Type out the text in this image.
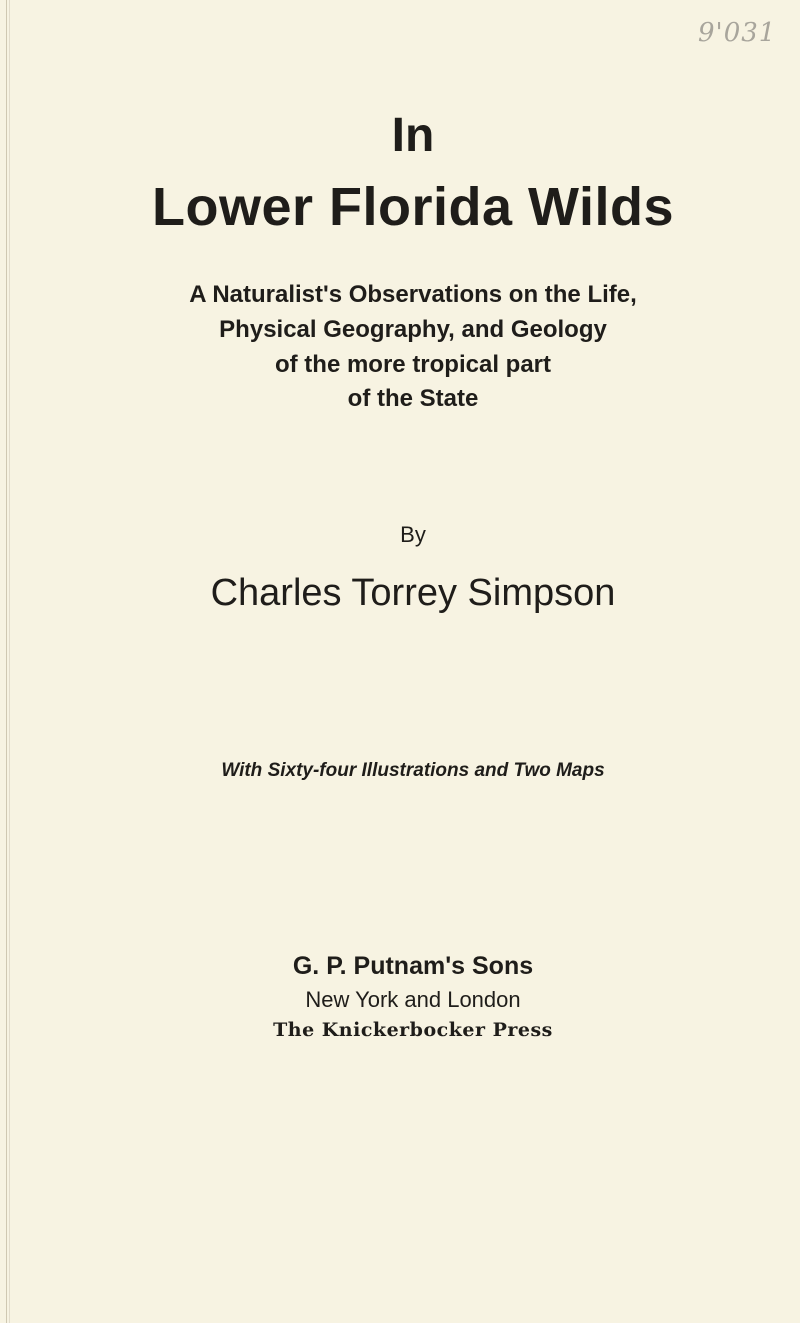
9'031
In
Lower Florida Wilds

A Naturalist's Observations on the Life,

Physical Geography, and Geology

of the more tropical part

of the State

By

Charles Torrey Simpson

With Sixty-four Illustrations and Two Maps

G. P. Putnam's Sons

New York and London

The Knickerbocker Press
